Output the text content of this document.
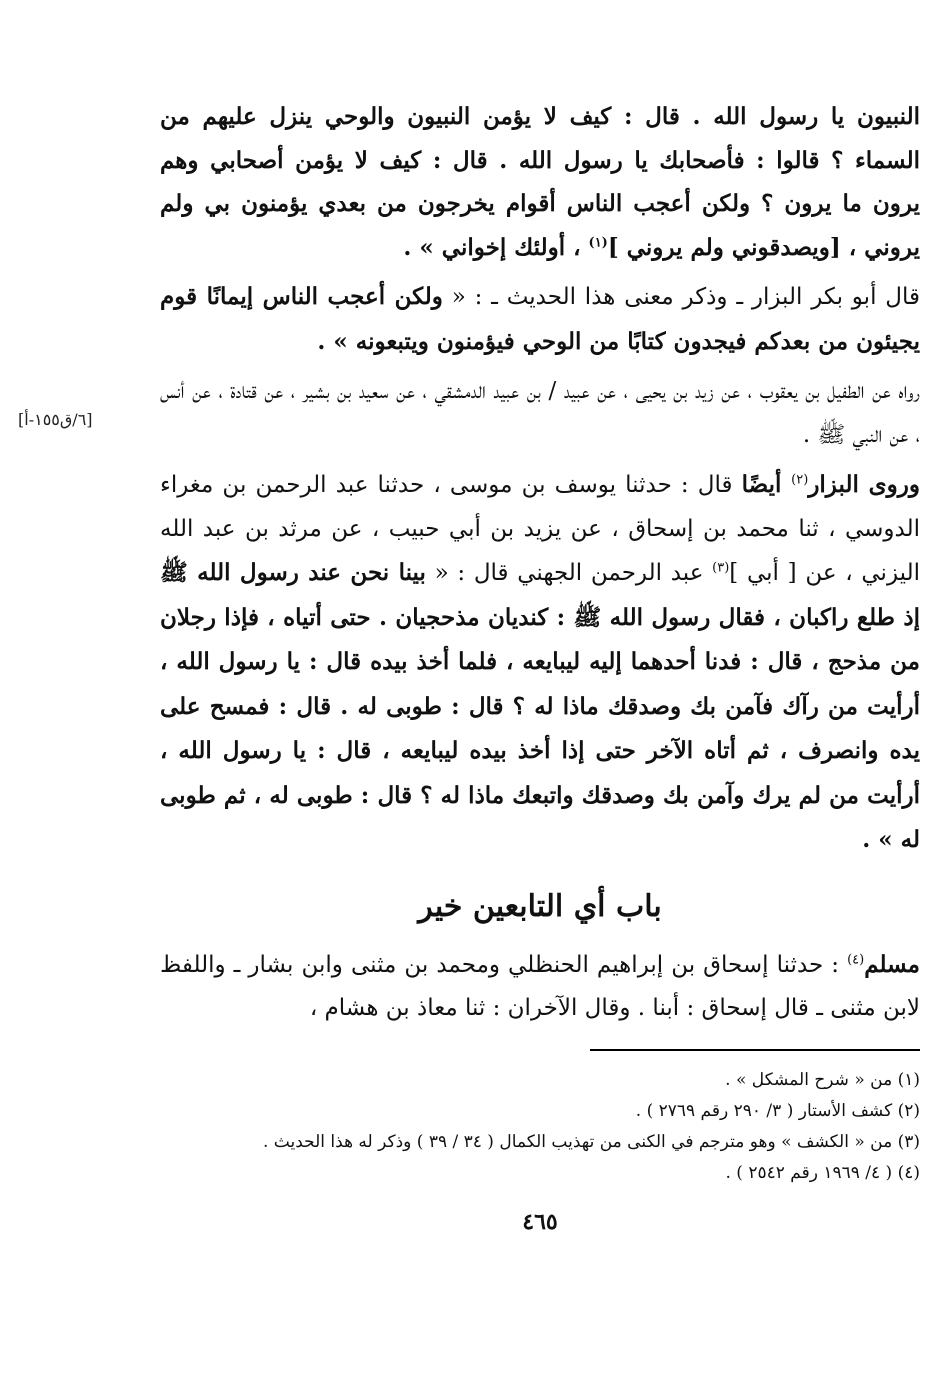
[٦/ق١٥٥-أ]

النبيون يا رسول الله . قال : كيف لا يؤمن النبيون والوحي ينزل عليهم من السماء ؟ قالوا : فأصحابك يا رسول الله . قال : كيف لا يؤمن أصحابي وهم يرون ما يرون ؟ ولكن أعجب الناس أقوام يخرجون من بعدي يؤمنون بي ولم يروني ، [ويصدقوني ولم يروني ]$^{(١)}$ ، أولئك إخواني » .

قال أبو بكر البزار ـ وذكر معنى هذا الحديث ـ : « ولكن أعجب الناس إيمانًا قوم يجيئون من بعدكم فيجدون كتابًا من الوحي فيؤمنون ويتبعونه » .

رواه عن الطفيل بن يعقوب ، عن زيد بن يحيى ، عن عبيد / بن عبيد الدمشقي ، عن سعيد بن بشير ، عن قتادة ، عن أنس ، عن النبي ﷺ .

وروى البزار$^{(٢)}$ أيضًا قال : حدثنا يوسف بن موسى ، حدثنا عبد الرحمن بن مغراء الدوسي ، ثنا محمد بن إسحاق ، عن يزيد بن أبي حبيب ، عن مرثد بن عبد الله اليزني ، عن [ أبي ]$^{(٣)}$ عبد الرحمن الجهني قال : « بينا نحن عند رسول الله ﷺ إذ طلع راكبان ، فقال رسول الله ﷺ : كنديان مذحجيان . حتى أتياه ، فإذا رجلان من مذحج ، قال : فدنا أحدهما إليه ليبايعه ، فلما أخذ بيده قال : يا رسول الله ، أرأيت من رآك فآمن بك وصدقك ماذا له ؟ قال : طوبى له . قال : فمسح على يده وانصرف ، ثم أتاه الآخر حتى إذا أخذ بيده ليبايعه ، قال : يا رسول الله ، أرأيت من لم يرك وآمن بك وصدقك واتبعك ماذا له ؟ قال : طوبى له ، ثم طوبى له » .

باب أي التابعين خير

مسلم$^{(٤)}$ : حدثنا إسحاق بن إبراهيم الحنظلي ومحمد بن مثنى وابن بشار ـ واللفظ لابن مثنى ـ قال إسحاق : أبنا . وقال الآخران : ثنا معاذ بن هشام ،

(١) من « شرح المشكل » .

(٢) كشف الأستار ( ٣/ ٢٩٠ رقم ٢٧٦٩ ) .

(٣) من « الكشف » وهو مترجم في الكنى من تهذيب الكمال ( ٣٤ / ٣٩ ) وذكر له هذا الحديث .

(٤) ( ٤/ ١٩٦٩ رقم ٢٥٤٢ ) .

٤٦٥
